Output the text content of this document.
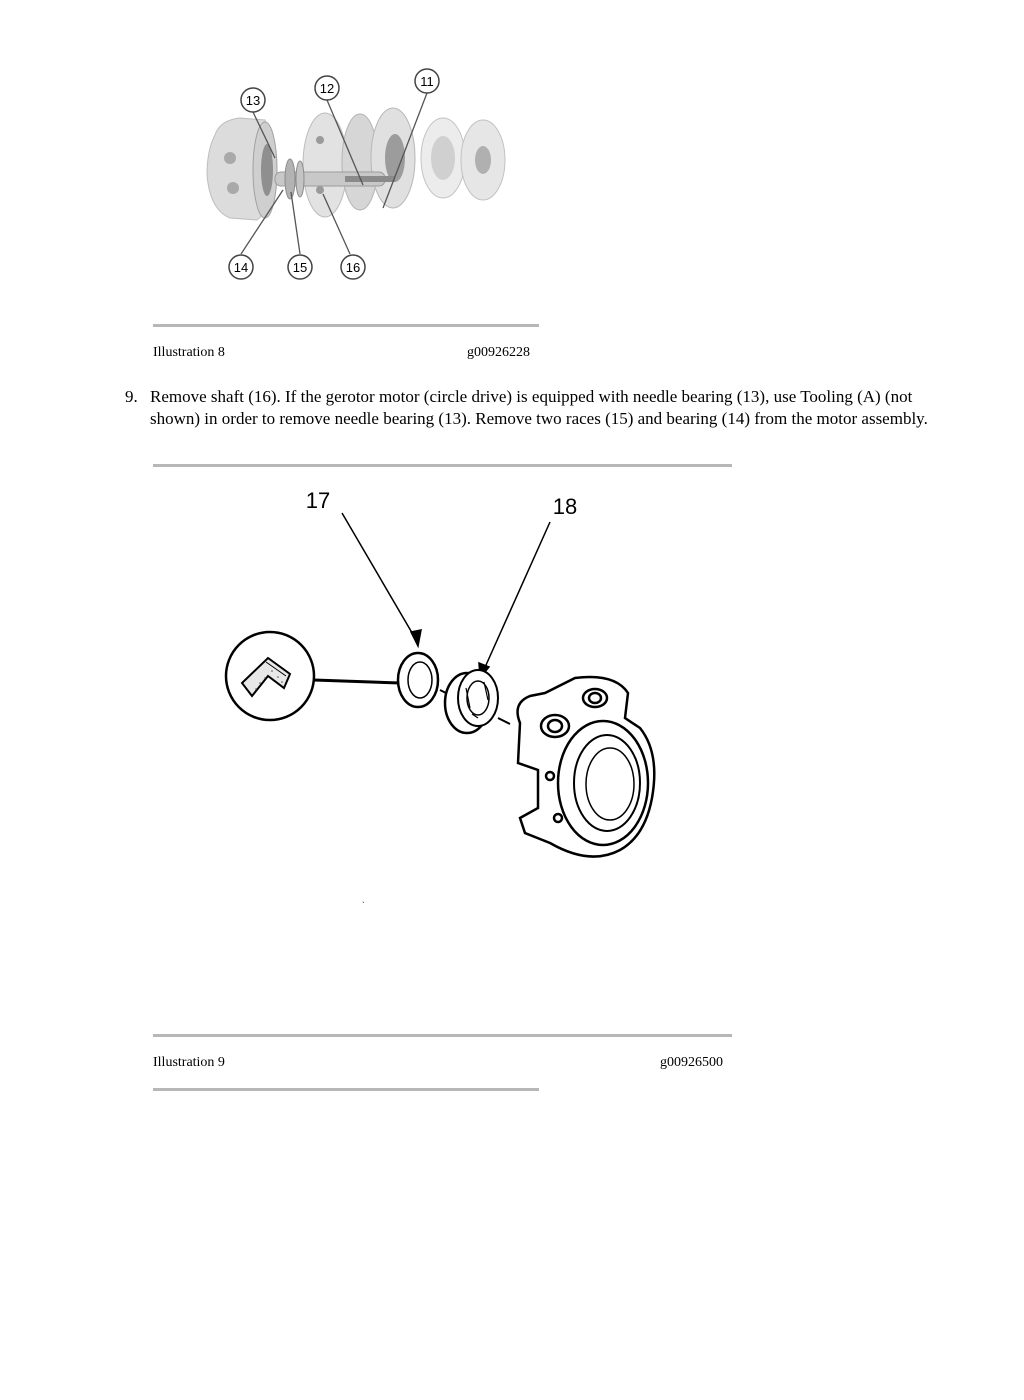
13
12	11
14	15	16
Illustration 8	g00926228
9. Remove shaft (16). If the gerotor motor (circle drive) is equipped with needle bearing (13), use Tooling (A) (not shown) in order to remove needle bearing (13). Remove two races (15) and bearing (14) from the motor assembly.
17	18
`
Illustration 9	g00926500
